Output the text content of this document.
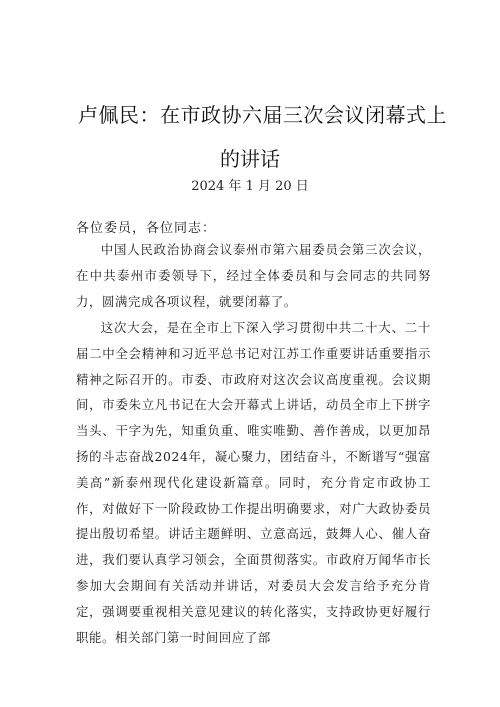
卢佩民：在市政协六届三次会议闭幕式上
的讲话
2024 年 1 月 20 日
各位委员，各位同志：
中国人民政治协商会议泰州市第六届委员会第三次会议，在中共泰州市委领导下，经过全体委员和与会同志的共同努力，圆满完成各项议程，就要闭幕了。
这次大会，是在全市上下深入学习贯彻中共二十大、二十届二中全会精神和习近平总书记对江苏工作重要讲话重要指示精神之际召开的。市委、市政府对这次会议高度重视。会议期间，市委朱立凡书记在大会开幕式上讲话，动员全市上下拼字当头、干字为先，知重负重、唯实唯勤、善作善成，以更加昂扬的斗志奋战2024年，凝心聚力，团结奋斗，不断谱写“强富美高”新泰州现代化建设新篇章。同时，充分肯定市政协工作，对做好下一阶段政协工作提出明确要求，对广大政协委员提出殷切希望。讲话主题鲜明、立意高远，鼓舞人心、催人奋进，我们要认真学习领会，全面贯彻落实。市政府万闻华市长参加大会期间有关活动并讲话，对委员大会发言给予充分肯定，强调要重视相关意见建议的转化落实，支持政协更好履行职能。相关部门第一时间回应了部
